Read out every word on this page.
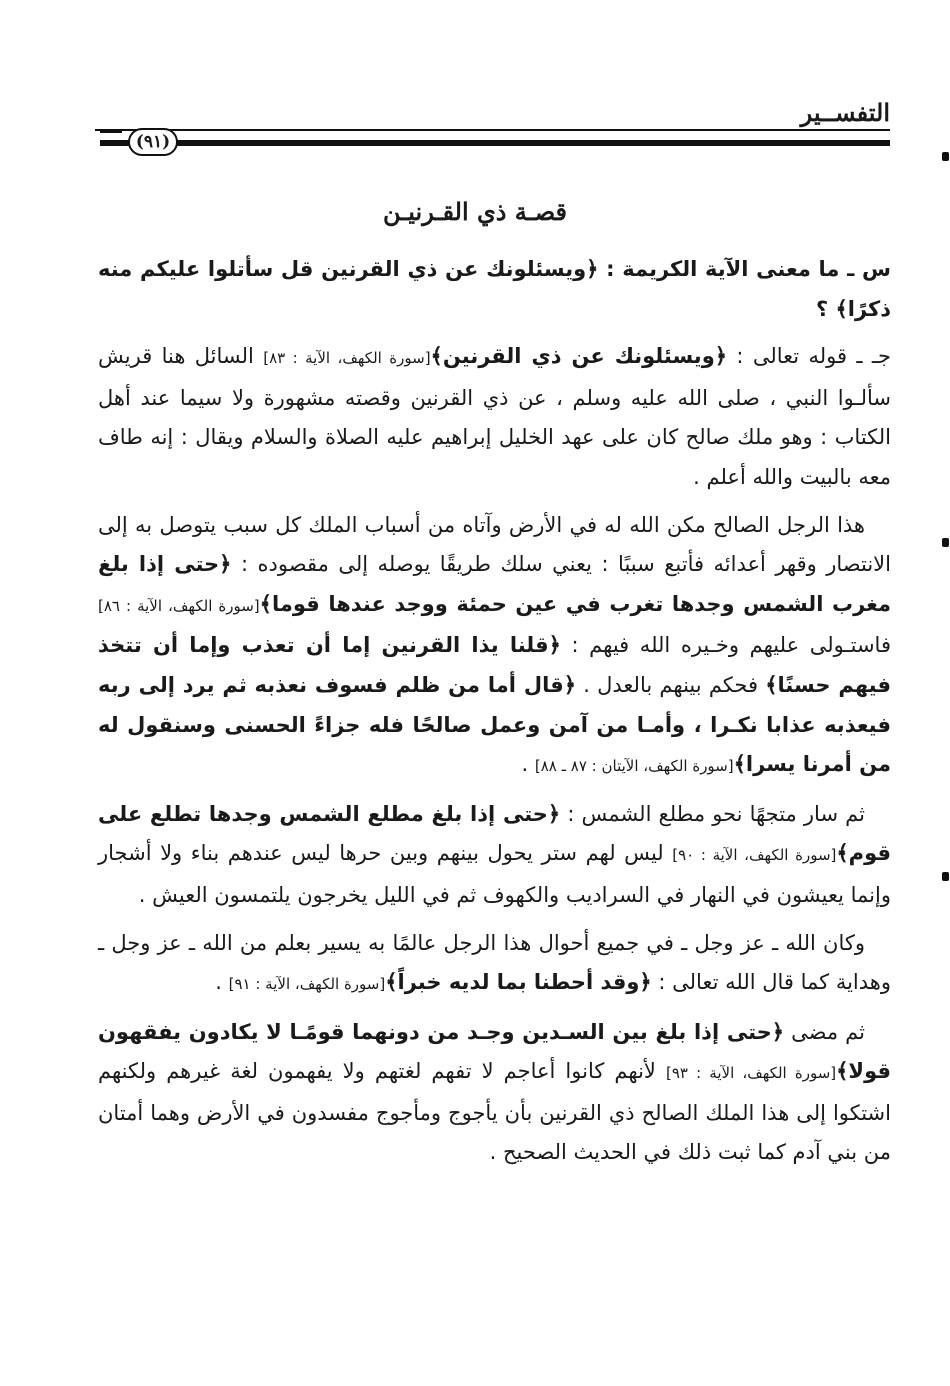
التفســير
(٩١)
قصـة ذي القـرنيـن

س ـ ما معنى الآية الكريمة : ﴿ويسئلونك عن ذي القرنين قل سأتلوا عليكم منه ذكرًا﴾ ؟

جـ ـ قوله تعالى : ﴿ويسئلونك عن ذي القرنين﴾[سورة الكهف، الآية : ٨٣] السائل هنا قريش سألـوا النبي ، صلى الله عليه وسلم ، عن ذي القرنين وقصته مشهورة ولا سيما عند أهل الكتاب : وهو ملك صالح كان على عهد الخليل إبراهيم عليه الصلاة والسلام ويقال : إنه طاف معه بالبيت والله أعلم .

هذا الرجل الصالح مكن الله له في الأرض وآتاه من أسباب الملك كل سبب يتوصل به إلى الانتصار وقهر أعدائه فأتبع سببًا : يعني سلك طريقًا يوصله إلى مقصوده : ﴿حتى إذا بلغ مغرب الشمس وجدها تغرب في عين حمئة ووجد عندها قوما﴾[سورة الكهف، الآية : ٨٦] فاستـولى عليهم وخـيره الله فيهم : ﴿قلنا يذا القرنين إما أن تعذب وإما أن تتخذ فيهم حسنًا﴾ فحكم بينهم بالعدل . ﴿قال أما من ظلم فسوف نعذبه ثم يرد إلى ربه فيعذبه عذابا نكـرا ، وأمـا من آمن وعمل صالحًا فله جزاءً الحسنى وسنقول له من أمرنا يسرا﴾[سورة الكهف، الآيتان : ٨٧ ـ ٨٨] .

ثم سار متجهًا نحو مطلع الشمس : ﴿حتى إذا بلغ مطلع الشمس وجدها تطلع على قوم﴾[سورة الكهف، الآية : ٩٠] ليس لهم ستر يحول بينهم وبين حرها ليس عندهم بناء ولا أشجار وإنما يعيشون في النهار في السراديب والكهوف ثم في الليل يخرجون يلتمسون العيش .

وكان الله ـ عز وجل ـ في جميع أحوال هذا الرجل عالمًا به يسير بعلم من الله ـ عز وجل ـ وهداية كما قال الله تعالى : ﴿وقد أحطنا بما لديه خبراً﴾[سورة الكهف، الآية : ٩١] .

ثم مضى ﴿حتى إذا بلغ بين السـدين وجـد من دونهما قومًـا لا يكادون يفقهون قولا﴾[سورة الكهف، الآية : ٩٣] لأنهم كانوا أعاجم لا تفهم لغتهم ولا يفهمون لغة غيرهم ولكنهم اشتكوا إلى هذا الملك الصالح ذي القرنين بأن يأجوج ومأجوج مفسدون في الأرض وهما أمتان من بني آدم كما ثبت ذلك في الحديث الصحيح .
